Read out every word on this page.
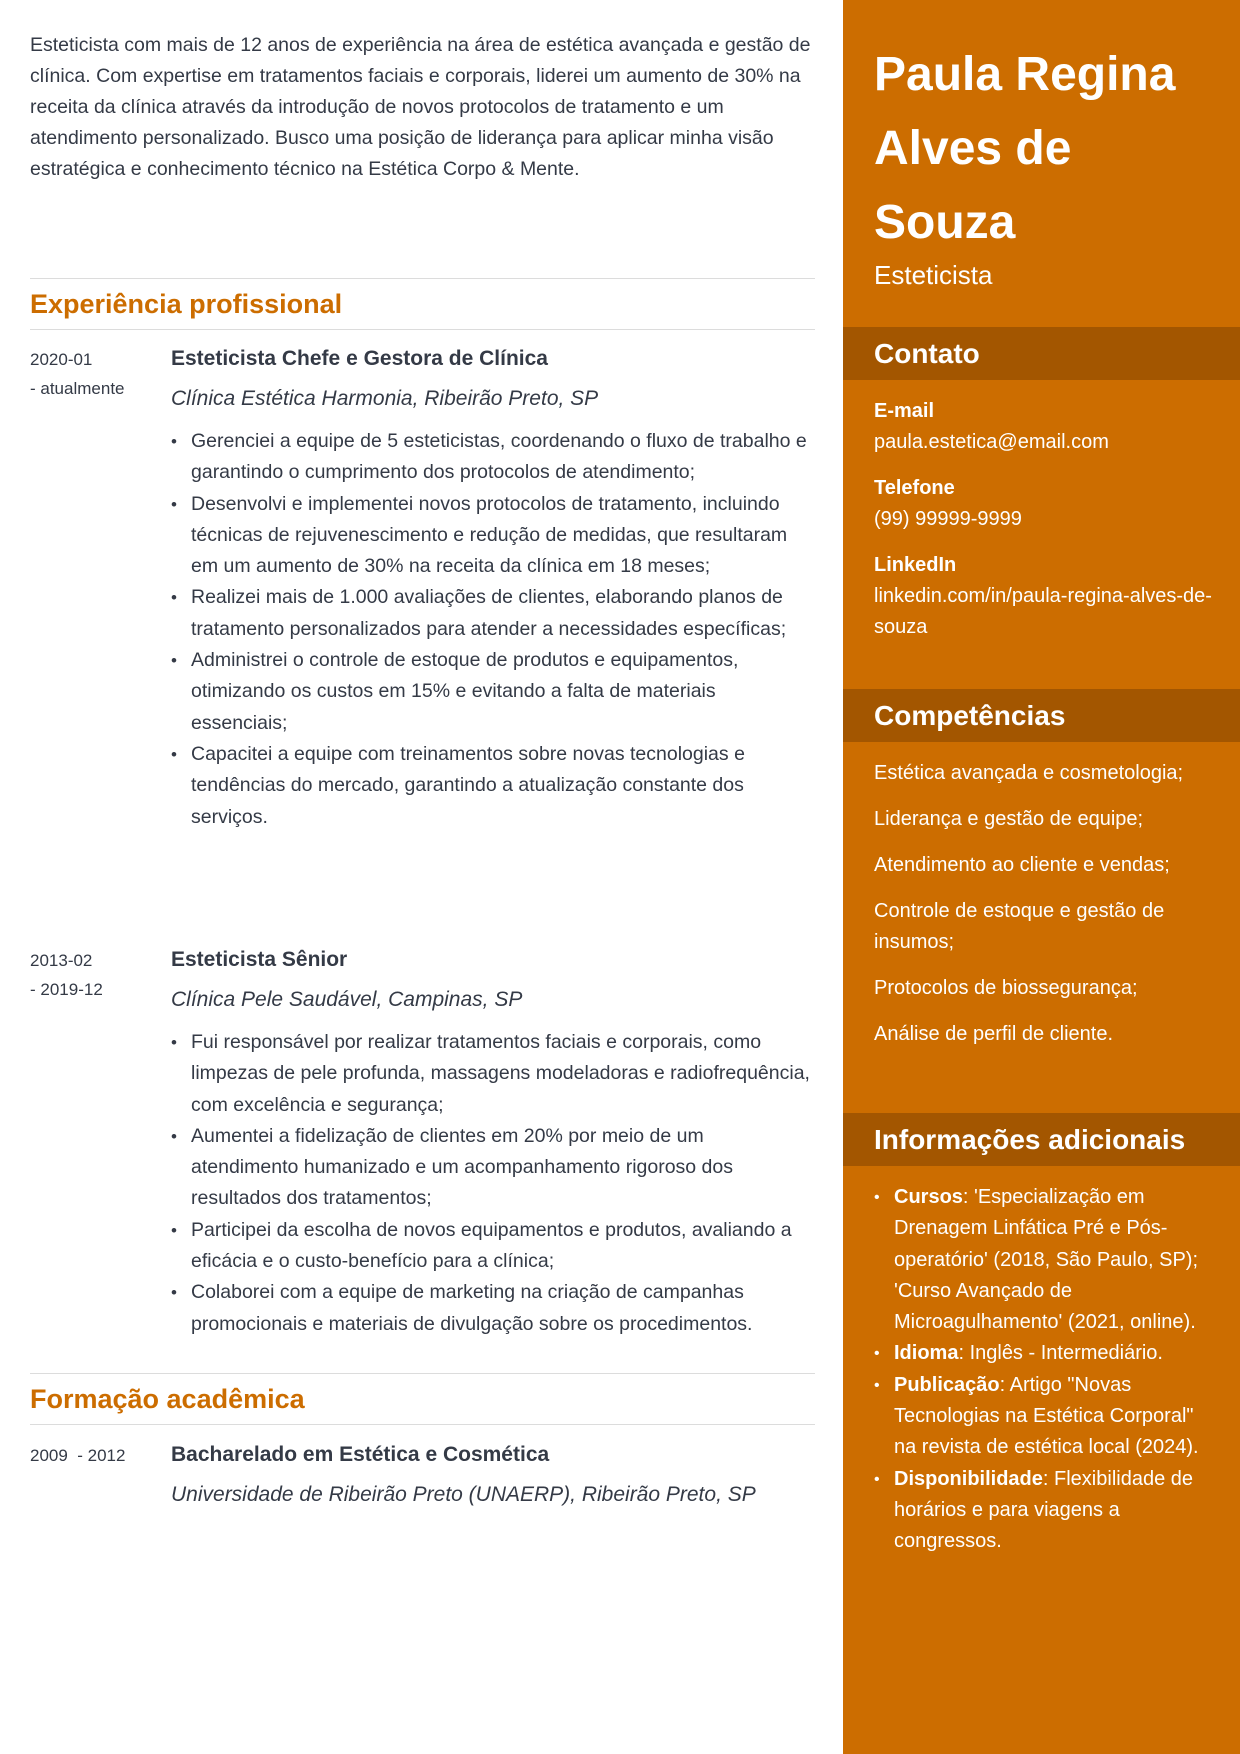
Esteticista com mais de 12 anos de experiência na área de estética avançada e gestão de clínica. Com expertise em tratamentos faciais e corporais, liderei um aumento de 30% na receita da clínica através da introdução de novos protocolos de tratamento e um atendimento personalizado. Busco uma posição de liderança para aplicar minha visão estratégica e conhecimento técnico na Estética Corpo & Mente.

Experiência profissional
2020-01
- atualmente
Esteticista Chefe e Gestora de Clínica
Clínica Estética Harmonia, Ribeirão Preto, SP
• Gerenciei a equipe de 5 esteticistas, coordenando o fluxo de trabalho e garantindo o cumprimento dos protocolos de atendimento;
• Desenvolvi e implementei novos protocolos de tratamento, incluindo técnicas de rejuvenescimento e redução de medidas, que resultaram em um aumento de 30% na receita da clínica em 18 meses;
• Realizei mais de 1.000 avaliações de clientes, elaborando planos de tratamento personalizados para atender a necessidades específicas;
• Administrei o controle de estoque de produtos e equipamentos, otimizando os custos em 15% e evitando a falta de materiais essenciais;
• Capacitei a equipe com treinamentos sobre novas tecnologias e tendências do mercado, garantindo a atualização constante dos serviços.
2013-02
- 2019-12
Esteticista Sênior
Clínica Pele Saudável, Campinas, SP
• Fui responsável por realizar tratamentos faciais e corporais, como limpezas de pele profunda, massagens modeladoras e radiofrequência, com excelência e segurança;
• Aumentei a fidelização de clientes em 20% por meio de um atendimento humanizado e um acompanhamento rigoroso dos resultados dos tratamentos;
• Participei da escolha de novos equipamentos e produtos, avaliando a eficácia e o custo-benefício para a clínica;
• Colaborei com a equipe de marketing na criação de campanhas promocionais e materiais de divulgação sobre os procedimentos.
Formação acadêmica
2009  - 2012	Bacharelado em Estética e Cosmética
Universidade de Ribeirão Preto (UNAERP), Ribeirão Preto, SP
Paula Regina Alves de Souza
Esteticista
Contato
E-mail
paula.estetica@email.com
Telefone
(99) 99999-9999
LinkedIn
linkedin.com/in/paula-regina-alves-de-souza
Competências
Estética avançada e cosmetologia;
Liderança e gestão de equipe;
Atendimento ao cliente e vendas;
Controle de estoque e gestão de insumos;
Protocolos de biossegurança;
Análise de perfil de cliente.
Informações adicionais
• Cursos: 'Especialização em Drenagem Linfática Pré e Pós-operatório' (2018, São Paulo, SP); 'Curso Avançado de Microagulhamento' (2021, online).
• Idioma: Inglês - Intermediário.
• Publicação: Artigo "Novas Tecnologias na Estética Corporal" na revista de estética local (2024).
• Disponibilidade: Flexibilidade de horários e para viagens a congressos.
